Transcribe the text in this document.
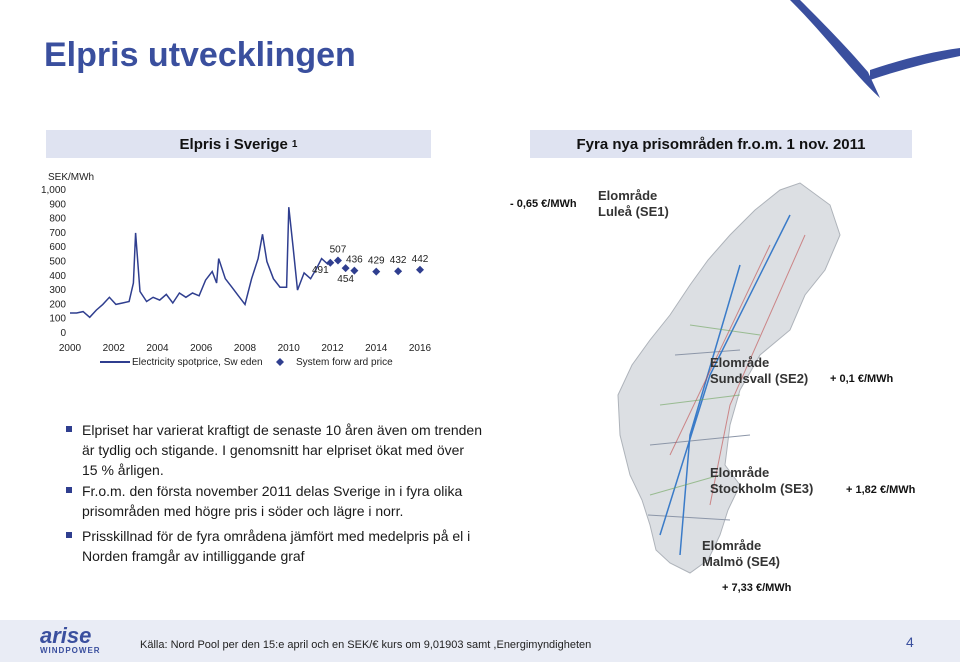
Elpris utvecklingen
Elpris i Sverige 1	Fyra nya prisområden fr.o.m. 1 nov. 2011
SEK/MWh
0
100
200
300
400
500
600
700
800
900
1,000
2000 2002 2004 2006 2008 2010 2012 2014 2016
491
507
454
436 429 432 442
Electricity spotprice, Sw eden	System forw ard price
Elpriset har varierat kraftigt de senaste 10 åren även om trenden är tydlig och stigande. I genomsnitt har elpriset ökat med över 15 % årligen.
Fr.o.m. den första november 2011 delas Sverige in i fyra olika prisområden med högre pris i söder och lägre i norr.
Prisskillnad för de fyra områdena jämfört med medelpris på el i Norden framgår av intilliggande graf
Elområde
Luleå (SE1)
- 0,65 €/MWh
Elområde
Sundsvall (SE2) + 0,1 €/MWh
Elområde
Stockholm (SE3)	+ 1,82 €/MWh
Elområde
Malmö (SE4)
+ 7,33 €/MWh
arise
WINDPOWER	Källa: Nord Pool per den 15:e april och en SEK/€ kurs om 9,01903 samt ,Energimyndigheten	4
